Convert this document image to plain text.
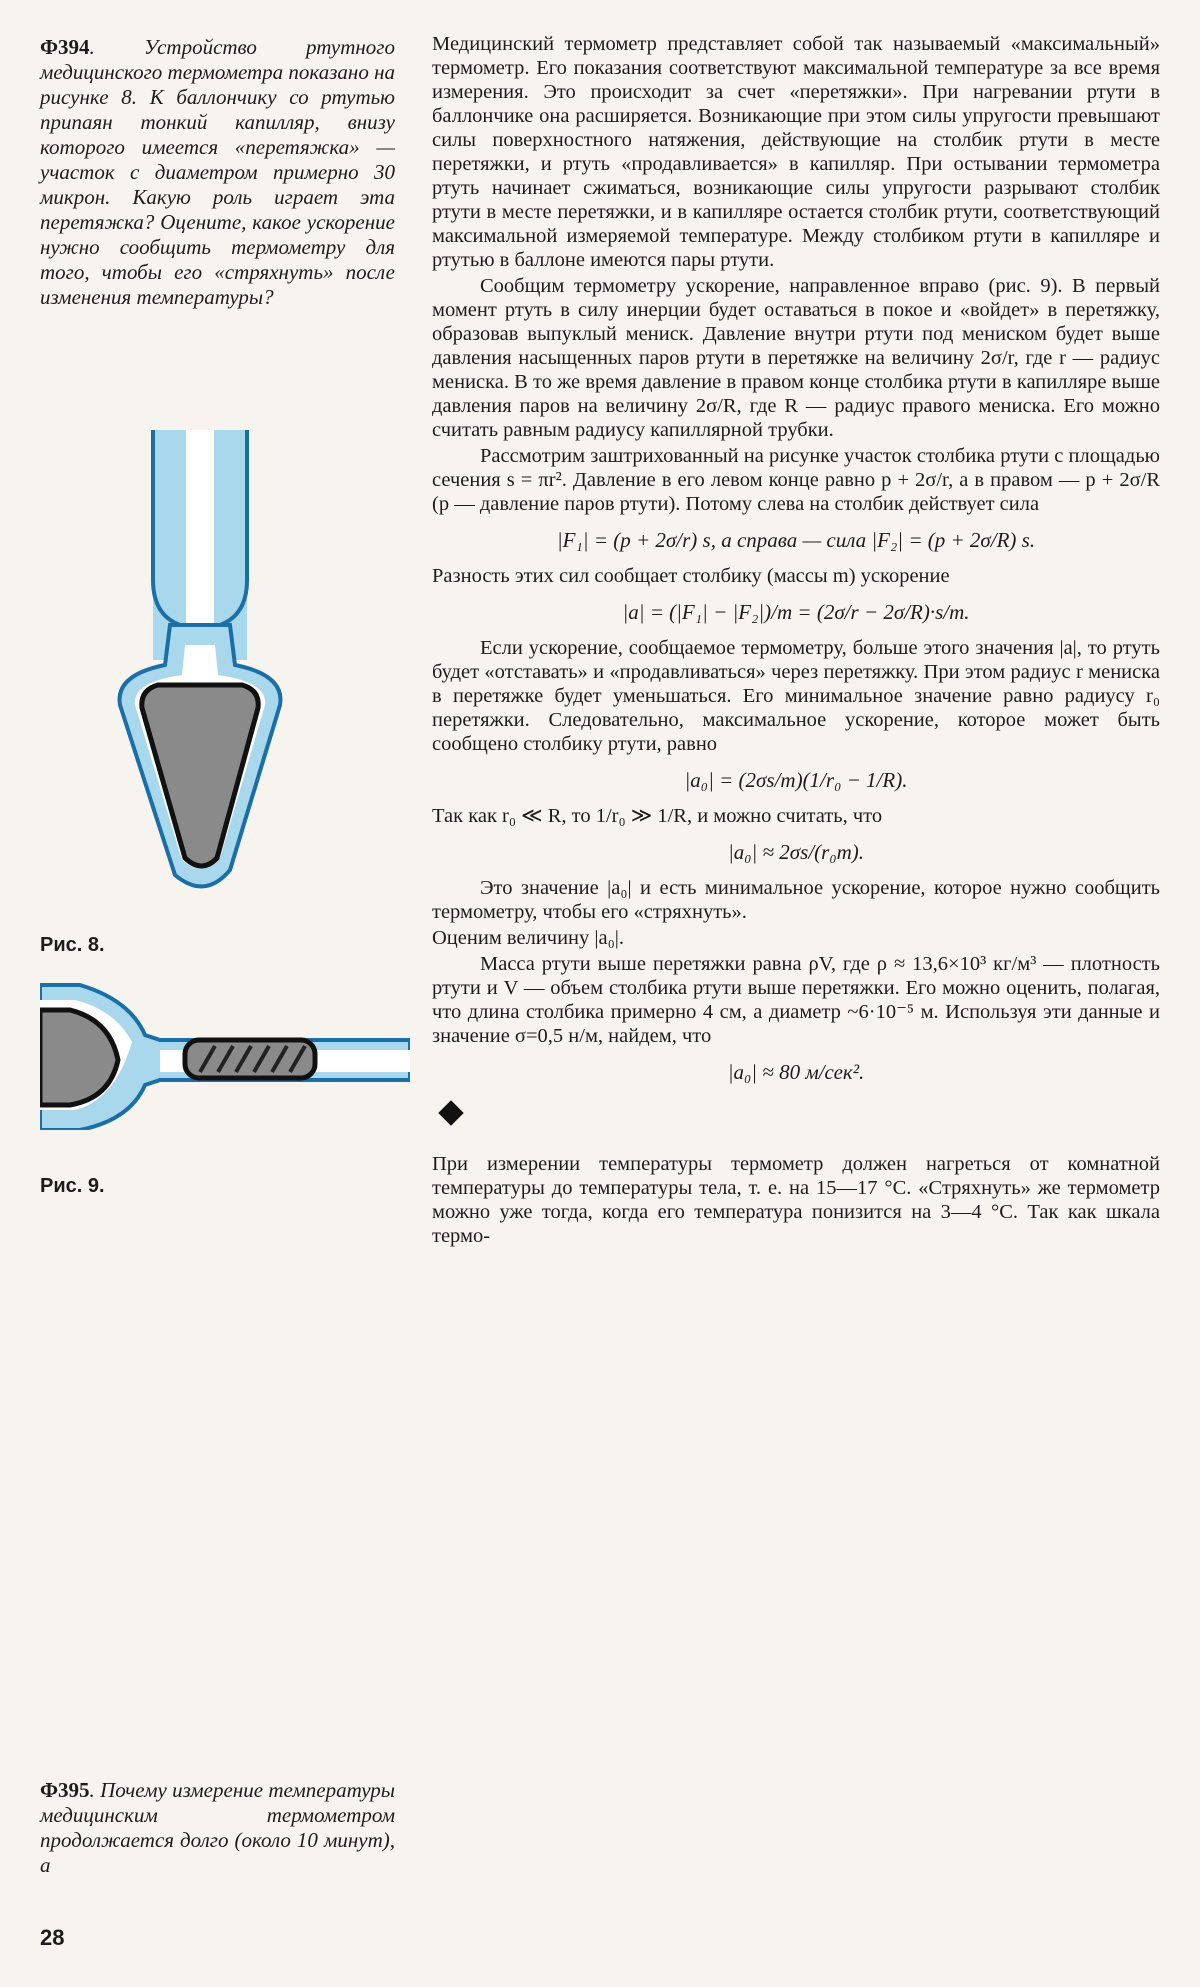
Ф394. Устройство ртутного медицинского термометра показано на рисунке 8. К баллончику со ртутью припаян тонкий капилляр, внизу которого имеется «перетяжка» — участок с диаметром примерно 30 микрон. Какую роль играет эта перетяжка? Оцените, какое ускорение нужно сообщить термометру для того, чтобы его «стряхнуть» после изменения температуры?

Рис. 8.
Рис. 9.

Медицинский термометр представляет собой так называемый «максимальный» термометр. Его показания соответствуют максимальной температуре за все время измерения. Это происходит за счет «перетяжки». При нагревании ртути в баллончике она расширяется. Возникающие при этом силы упругости превышают силы поверхностного натяжения, действующие на столбик ртути в месте перетяжки, и ртуть «продавливается» в капилляр. При остывании термометра ртуть начинает сжиматься, возникающие силы упругости разрывают столбик ртути в месте перетяжки, и в капилляре остается столбик ртути, соответствующий максимальной измеряемой температуре. Между столбиком ртути в капилляре и ртутью в баллоне имеются пары ртути.

Сообщим термометру ускорение, направленное вправо (рис. 9). В первый момент ртуть в силу инерции будет оставаться в покое и «войдет» в перетяжку, образовав выпуклый мениск. Давление внутри ртути под мениском будет выше давления насыщенных паров ртути в перетяжке на величину 2σ/r, где r — радиус мениска. В то же время давление в правом конце столбика ртути в капилляре выше давления паров на величину 2σ/R, где R — радиус правого мениска. Его можно считать равным радиусу капиллярной трубки.

Рассмотрим заштрихованный на рисунке участок столбика ртути с площадью сечения s = πr². Давление в его левом конце равно p + 2σ/r, а в правом — p + 2σ/R (p — давление паров ртути). Потому слева на столбик действует сила

|F₁| = (p + 2σ/r) s, а справа — сила |F₂| = (p + 2σ/R) s.

Разность этих сил сообщает столбику (массы m) ускорение

|a| = (|F₁| − |F₂|)/m = (2σ/r − 2σ/R)·s/m.

Если ускорение, сообщаемое термометру, больше этого значения |a|, то ртуть будет «отставать» и «продавливаться» через перетяжку. При этом радиус r мениска в перетяжке будет уменьшаться. Его минимальное значение равно радиусу r₀ перетяжки. Следовательно, максимальное ускорение, которое может быть сообщено столбику ртути, равно

|a₀| = (2σs/m)(1/r₀ − 1/R).

Так как r₀ ≪ R, то 1/r₀ ≫ 1/R, и можно считать, что

|a₀| ≈ 2σs/(r₀m).

Это значение |a₀| и есть минимальное ускорение, которое нужно сообщить термометру, чтобы его «стряхнуть».

Оценим величину |a₀|.

Масса ртути выше перетяжки равна ρV, где ρ ≈ 13,6×10³ кг/м³ — плотность ртути и V — объем столбика ртути выше перетяжки. Его можно оценить, полагая, что длина столбика примерно 4 см, а диаметр ~6·10⁻⁵ м. Используя эти данные и значение σ=0,5 н/м, найдем, что

|a₀| ≈ 80 м/сек².

При измерении температуры термометр должен нагреться от комнатной температуры до температуры тела, т. е. на 15—17 °С. «Стряхнуть» же термометр можно уже тогда, когда его температура понизится на 3—4 °С. Так как шкала термо-

Ф395. Почему измерение температуры медицинским термометром продолжается долго (около 10 минут), а

28
